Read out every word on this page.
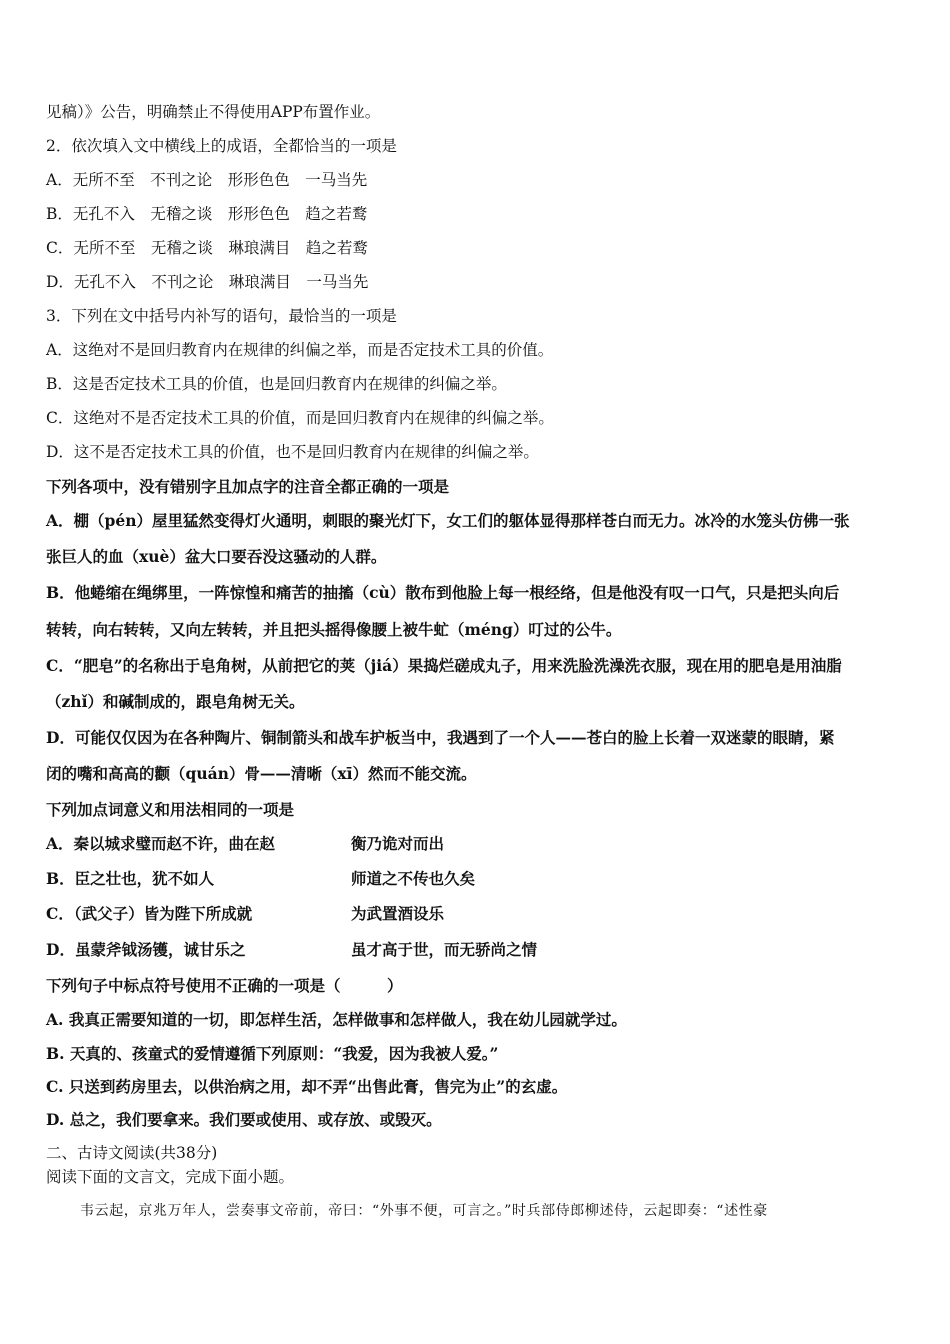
见稿）》公告，明确禁止不得使用APP布置作业。
2．依次填入文中横线上的成语，全都恰当的一项是
A．无所不至　不刊之论　形形色色　一马当先
B．无孔不入　无稽之谈　形形色色　趋之若鹜
C．无所不至　无稽之谈　琳琅满目　趋之若鹜
D．无孔不入　不刊之论　琳琅满目　一马当先
3．下列在文中括号内补写的语句，最恰当的一项是
A．这绝对不是回归教育内在规律的纠偏之举，而是否定技术工具的价值。
B．这是否定技术工具的价值，也是回归教育内在规律的纠偏之举。
C．这绝对不是否定技术工具的价值，而是回归教育内在规律的纠偏之举。
D．这不是否定技术工具的价值，也不是回归教育内在规律的纠偏之举。
下列各项中，没有错别字且加点字的注音全都正确的一项是
A．棚（pén）屋里猛然变得灯火通明，刺眼的聚光灯下，女工们的躯体显得那样苍白而无力。冰冷的水笼头仿佛一张
张巨人的血（xuè）盆大口要吞没这骚动的人群。
B．他蜷缩在绳绑里，一阵惊惶和痛苦的抽搐（cù）散布到他脸上每一根经络，但是他没有叹一口气，只是把头向后
转转，向右转转，又向左转转，并且把头摇得像腰上被牛虻（méng）叮过的公牛。
C．“肥皂”的名称出于皂角树，从前把它的荚（jiá）果捣烂磋成丸子，用来洗脸洗澡洗衣服，现在用的肥皂是用油脂
（zhǐ）和碱制成的，跟皂角树无关。
D．可能仅仅因为在各种陶片、铜制箭头和战车护板当中，我遇到了一个人——苍白的脸上长着一双迷蒙的眼睛，紧
闭的嘴和高高的颧（quán）骨——清晰（xī）然而不能交流。
下列加点词意义和用法相同的一项是
A．秦以城求璧而赵不许，曲在赵	衡乃诡对而出
B．臣之壮也，犹不如人	师道之不传也久矣
C．（武父子）皆为陛下所成就	为武置酒设乐
D．虽蒙斧钺汤镬，诚甘乐之	虽才高于世，而无骄尚之情
下列句子中标点符号使用不正确的一项是（　　　）
A. 我真正需要知道的一切，即怎样生活，怎样做事和怎样做人，我在幼儿园就学过。
B. 天真的、孩童式的爱情遵循下列原则：“我爱，因为我被人爱。”
C. 只送到药房里去，以供治病之用，却不弄“出售此膏，售完为止”的玄虚。
D. 总之，我们要拿来。我们要或使用、或存放、或毁灭。
二、古诗文阅读(共38分)
阅读下面的文言文，完成下面小题。
韦云起，京兆万年人，尝奏事文帝前，帝曰：“外事不便，可言之。”时兵部侍郎柳述侍，云起即奏：“述性豪
